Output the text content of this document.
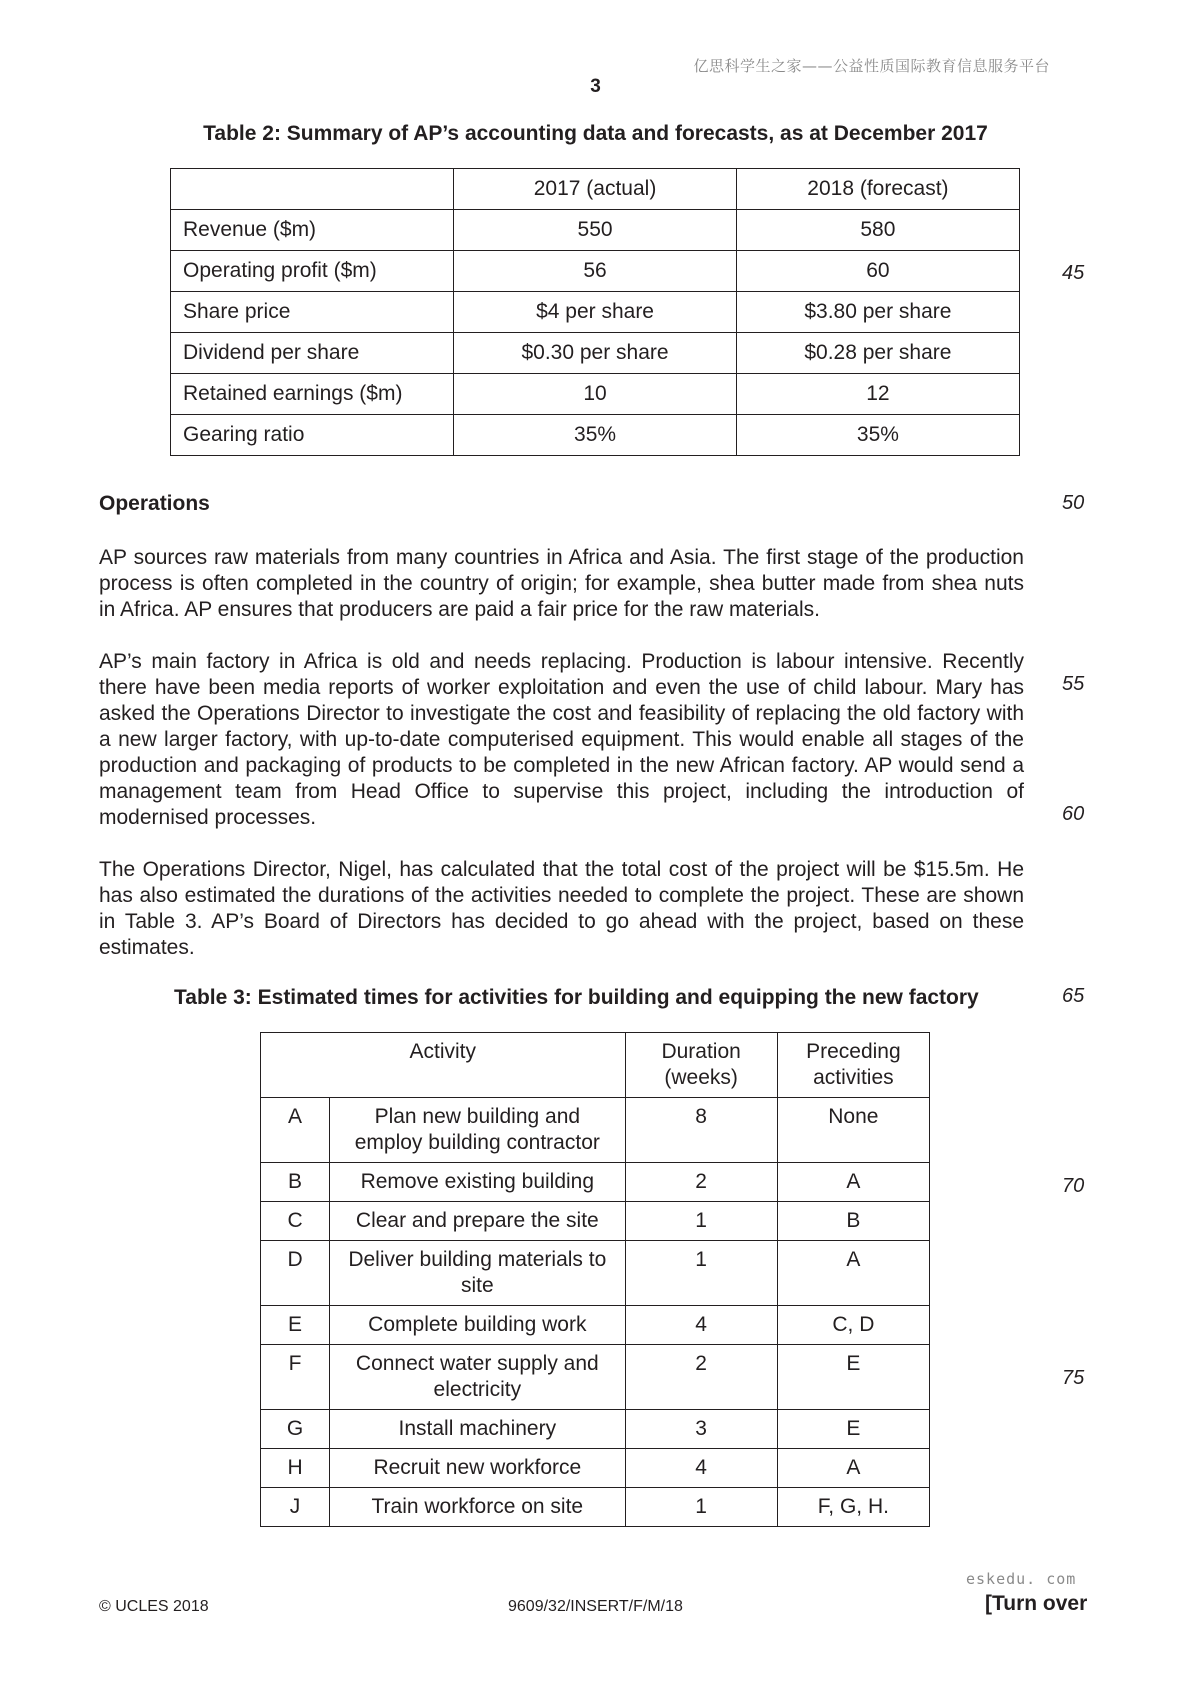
亿思科学生之家——公益性质国际教育信息服务平台
3
Table 2: Summary of AP’s accounting data and forecasts, as at December 2017
	2017 (actual)	2018 (forecast)
Revenue ($m)	550	580
Operating profit ($m)	56	60
Share price	$4 per share	$3.80 per share
Dividend per share	$0.30 per share	$0.28 per share
Retained earnings ($m)	10	12
Gearing ratio	35%	35%
45
50
55
60
65
70
75
Operations

AP sources raw materials from many countries in Africa and Asia. The first stage of the production process is often completed in the country of origin; for example, shea butter made from shea nuts in Africa. AP ensures that producers are paid a fair price for the raw materials.

AP’s main factory in Africa is old and needs replacing. Production is labour intensive. Recently there have been media reports of worker exploitation and even the use of child labour. Mary has asked the Operations Director to investigate the cost and feasibility of replacing the old factory with a new larger factory, with up-to-date computerised equipment. This would enable all stages of the production and packaging of products to be completed in the new African factory. AP would send a management team from Head Office to supervise this project, including the introduction of modernised processes.

The Operations Director, Nigel, has calculated that the total cost of the project will be $15.5m. He has also estimated the durations of the activities needed to complete the project. These are shown in Table 3. AP’s Board of Directors has decided to go ahead with the project, based on these estimates.

Table 3: Estimated times for activities for building and equipping the new factory
Activity		Duration (weeks)	Preceding activities
A	Plan new building and employ building contractor	8	None
B	Remove existing building	2	A
C	Clear and prepare the site	1	B
D	Deliver building materials to site	1	A
E	Complete building work	4	C, D
F	Connect water supply and electricity	2	E
G	Install machinery	3	E
H	Recruit new workforce	4	A
J	Train workforce on site	1	F, G, H.
© UCLES 2018	9609/32/INSERT/F/M/18
eskedu. com
[Turn over
